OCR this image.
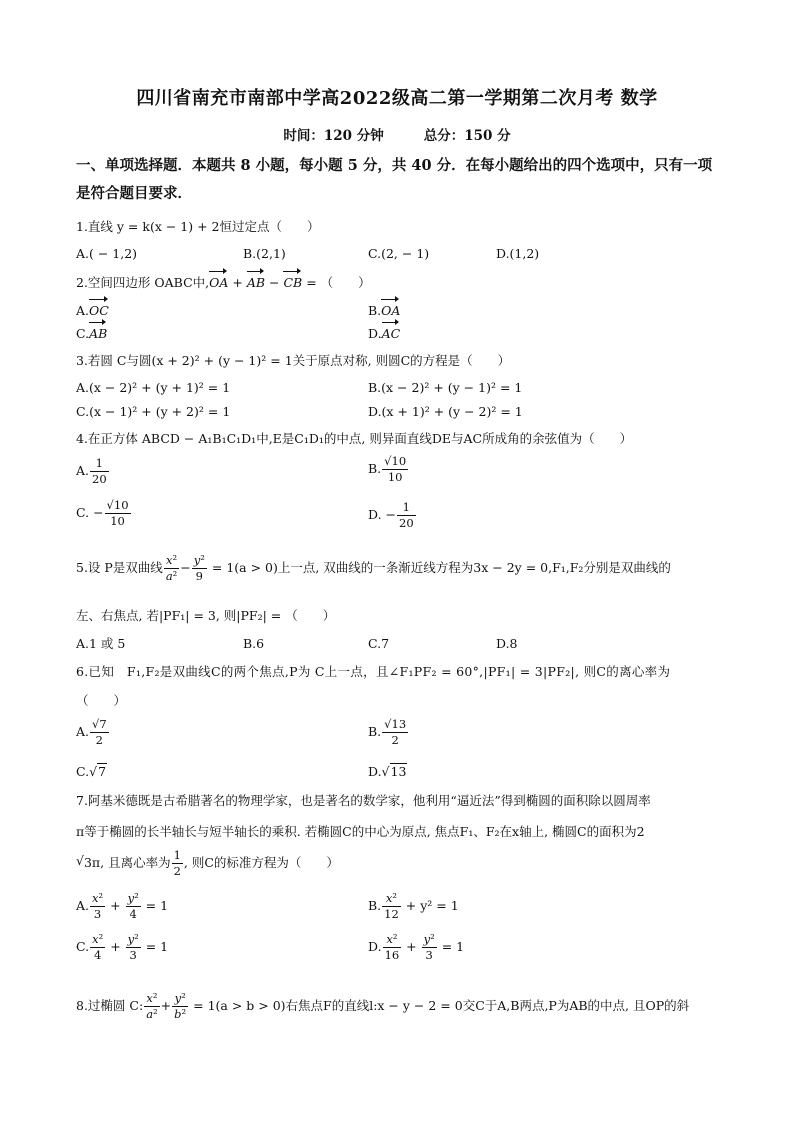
四川省南充市南部中学高2022级高二第一学期第二次月考 数学
时间：120 分钟	总分：150 分
一、单项选择题．本题共 8 小题，每小题 5 分，共 40 分．在每小题给出的四个选项中，只有一项是符合题目要求．
1.直线 y = k(x − 1) + 2恒过定点（　　）
A.( − 1,2)	B.(2,1)	C.(2, − 1)	D.(1,2)
2.空间四边形 OABC中,OA + AB − CB = （　　）
A.OC	B.OA
C.AB	D.AC
3.若圆 C与圆(x + 2)² + (y − 1)² = 1关于原点对称, 则圆C的方程是（　　）
A.(x − 2)² + (y + 1)² = 1	B.(x − 2)² + (y − 1)² = 1
C.(x − 1)² + (y + 2)² = 1	D.(x + 1)² + (y − 2)² = 1
4.在正方体 ABCD − A₁B₁C₁D₁中,E是C₁D₁的中点, 则异面直线DE与AC所成角的余弦值为（　　）
A. $\frac{1}{20}$	B. $\frac{√10}{10}$
C. − $\frac{√10}{10}$	D. − $\frac{1}{20}$
5.设 P是双曲线 $\frac{\text{x²}}{\text{a²}} - \frac{\text{y²}}{9} = 1(a > 0)$上一点, 双曲线的一条渐近线方程为3x − 2y = 0,F₁,F₂分别是双曲线的
左、右焦点, 若|PF₁| = 3, 则|PF₂| = （　　）
A.1 或 5	B.6	C.7	D.8
6.已知　F₁,F₂是双曲线C的两个焦点,P为 C上一点，且∠F₁PF₂ = 60°,|PF₁| = 3|PF₂|, 则C的离心率为
（　　）
A. $\frac{√7}{2}$	B. $\frac{√13}{2}$
C.√7	D.√13
7.阿基米德既是古希腊著名的物理学家，也是著名的数学家，他利用“逼近法”得到椭圆的面积除以圆周率
π等于椭圆的长半轴长与短半轴长的乘积. 若椭圆C的中心为原点, 焦点F₁、F₂在x轴上, 椭圆C的面积为2
√3π, 且离心率为 $\frac{1}{2}$ , 则C的标准方程为（　　）
A. $\frac{\text{x²}}{3} + \frac{\text{y²}}{4} = 1$	B. $\frac{\text{x²}}{12} + y^2 = 1$
C. $\frac{\text{x²}}{4} + \frac{\text{y²}}{3} = 1$	D. $\frac{\text{x²}}{16} + \frac{\text{y²}}{3} = 1$
8.过椭圆 C: $\frac{\text{x²}}{\text{a²}} + \frac{\text{y²}}{\text{b²}} = 1(a > b > 0)$右焦点F的直线l:x − y − 2 = 0交C于A,B两点,P为AB的中点, 且OP的斜
